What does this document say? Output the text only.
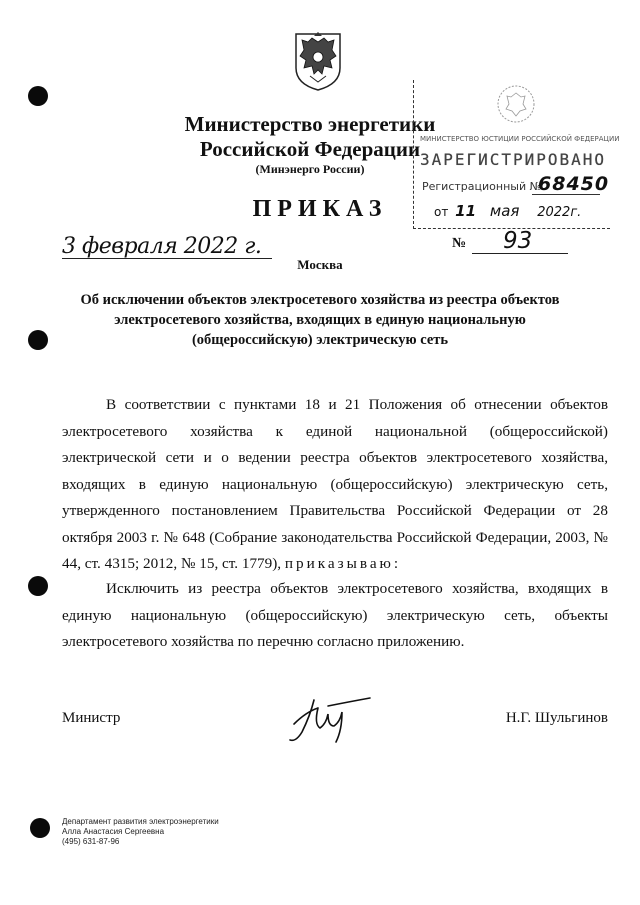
Министерство энергетики Российской Федерации
(Минэнерго России)
ПРИКАЗ
МИНИСТЕРСТВО ЮСТИЦИИ РОССИЙСКОЙ ФЕДЕРАЦИИ
ЗАРЕГИСТРИРОВАНО
Регистрационный №
68450
от 11 мая 2022г.
3 февраля 2022 г.	№ 93
Москва
Об исключении объектов электросетевого хозяйства из реестра объектов электросетевого хозяйства, входящих в единую национальную (общероссийскую) электрическую сеть
В соответствии с пунктами 18 и 21 Положения об отнесении объектов электросетевого хозяйства к единой национальной (общероссийской) электрической сети и о ведении реестра объектов электросетевого хозяйства, входящих в единую национальную (общероссийскую) электрическую сеть, утвержденного постановлением Правительства Российской Федерации от 28 октября 2003 г. № 648 (Собрание законодательства Российской Федерации, 2003, № 44, ст. 4315; 2012, № 15, ст. 1779), приказываю:
Исключить из реестра объектов электросетевого хозяйства, входящих в единую национальную (общероссийскую) электрическую сеть, объекты электросетевого хозяйства по перечню согласно приложению.
Министр	Н.Г. Шульгинов
Департамент развития электроэнергетики
Алла Анастасия Сергеевна
(495) 631-87-96
